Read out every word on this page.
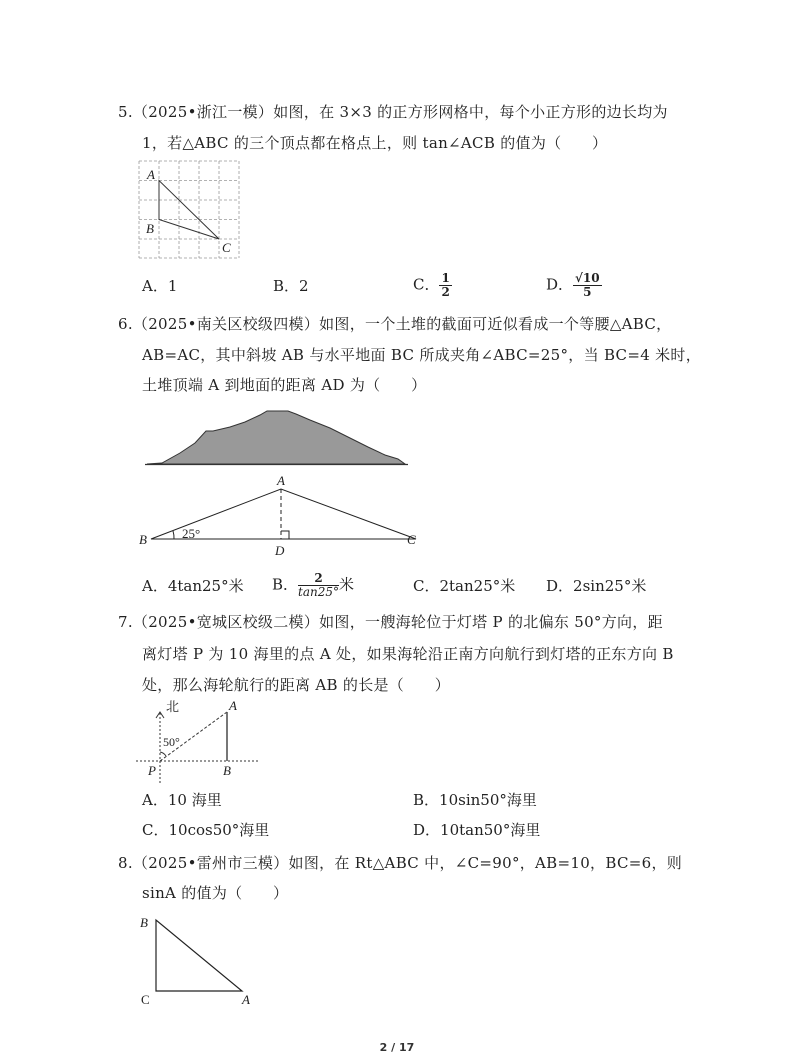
5.（2025•浙江一模）如图，在 3×3 的正方形网格中，每个小正方形的边长均为
1，若△ABC 的三个顶点都在格点上，则 tan∠ACB 的值为（　　）
A
B
C
A．1	B．2	C． $\frac{1}{2}$	D． $\frac{√10}{5}$
6.（2025•南关区校级四模）如图，一个土堆的截面可近似看成一个等腰△ABC，
AB=AC，其中斜坡 AB 与水平地面 BC 所成夹角∠ABC=25°，当 BC=4 米时，
土堆顶端 A 到地面的距离 AD 为（　　）
25°
A
B	C
D
A．4tan25°米 B． $\frac{2}{\tan 25^\circ}$ 米	C．2tan25°米 D．2sin25°米
7.（2025•宽城区校级二模）如图，一艘海轮位于灯塔 P 的北偏东 50°方向，距
离灯塔 P 为 10 海里的点 A 处，如果海轮沿正南方向航行到灯塔的正东方向 B
处，那么海轮航行的距离 AB 的长是（　　）
北
50°
A
P	B
A．10 海里	B．10sin50°海里
C．10cos50°海里	D．10tan50°海里
8.（2025•雷州市三模）如图，在 Rt△ABC 中，∠C=90°，AB=10，BC=6，则
sinA 的值为（　　）
B
C	A
2 / 17
